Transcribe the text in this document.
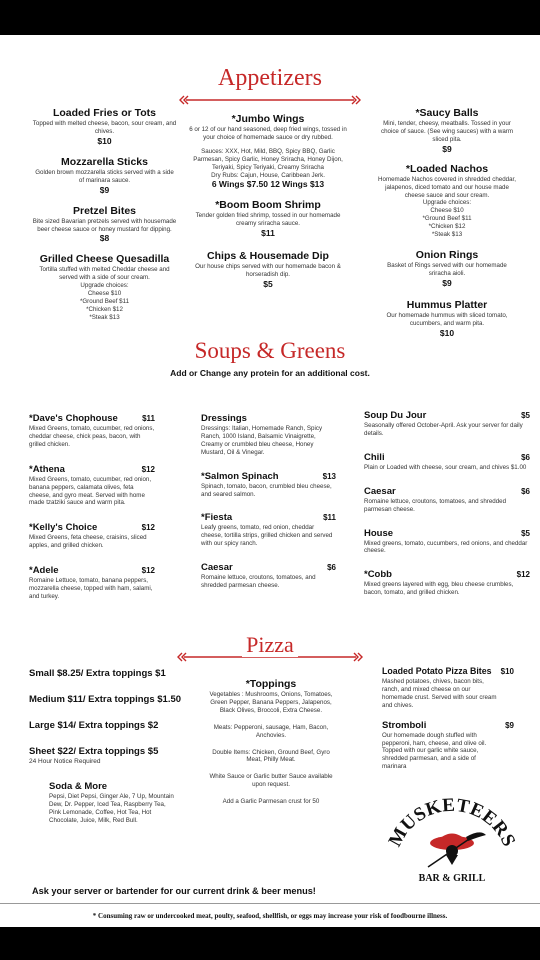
Appetizers
Loaded Fries or Tots
Topped with melted cheese, bacon, sour cream, and chives.
$10
Mozzarella Sticks
Golden brown mozzarella sticks served with a side of marinara sauce.
$9
Pretzel Bites
Bite sized Bavarian pretzels served with housemade beer cheese sauce or honey mustard for dipping.
$8
Grilled Cheese Quesadilla
Tortilla stuffed with melted Cheddar cheese and served with a side of sour cream.
Upgrade choices:
Cheese $10
*Ground Beef $11
*Chicken $12
*Steak $13
*Jumbo Wings
6 or 12 of our hand seasoned, deep fried wings, tossed in your choice of homemade sauce or dry rubbed.
Sauces: XXX, Hot, Mild, BBQ, Spicy BBQ, Garlic Parmesan, Spicy Garlic, Honey Sriracha, Honey Dijon, Teriyaki, Spicy Teriyaki, Creamy Sriracha
Dry Rubs: Cajun, House, Caribbean Jerk.
6 Wings $7.50 12 Wings $13
*Boom Boom Shrimp
Tender golden fried shrimp, tossed in our homemade creamy sriracha sauce.
$11
Chips & Housemade Dip
Our house chips served with our homemade bacon & horseradish dip.
$5
*Saucy Balls
Mini, tender, cheesy, meatballs. Tossed in your choice of sauce. (See wing sauces) with a warm sliced pita.
$9
*Loaded Nachos
Homemade Nachos covered in shredded cheddar, jalapenos, diced tomato and our house made cheese sauce and sour cream.
Upgrade choices:
Cheese $10
*Ground Beef $11
*Chicken $12
*Steak $13
Onion Rings
Basket of Rings served with our homemade sriracha aioli.
$9
Hummus Platter
Our homemade hummus with sliced tomato, cucumbers, and warm pita.
$10
Soups & Greens
Add or Change any protein for an additional cost.
*Dave's Chophouse	$11
Mixed Greens, tomato, cucumber, red onions, cheddar cheese, chick peas, bacon, with grilled chicken.
*Athena	$12
Mixed Greens, tomato, cucumber, red onion, banana peppers, calamata olives, feta cheese, and gyro meat. Served with home made tzatziki sauce and warm pita.
*Kelly's Choice	$12
Mixed Greens, feta cheese, craisins, sliced apples, and grilled chicken.
*Adele	$12
Romaine Lettuce, tomato, banana peppers, mozzarella cheese, topped with ham, salami, and turkey.
Dressings
Dressings: Italian, Homemade Ranch, Spicy Ranch, 1000 Island, Balsamic Vinaigrette, Creamy or crumbled bleu cheese, Honey Mustard, Oil & Vinegar.
*Salmon Spinach	$13
Spinach, tomato, bacon, crumbled bleu cheese, and seared salmon.
*Fiesta	$11
Leafy greens, tomato, red onion, cheddar cheese, tortilla strips, grilled chicken and served with our spicy ranch.
Caesar	$6
Romaine lettuce, croutons, tomatoes, and shredded parmesan cheese.
Soup Du Jour	$5
Seasonally offered October-April. Ask your server for daily details.
Chili	$6
Plain or Loaded with cheese, sour cream, and chives $1.00
Caesar	$6
Romaine lettuce, croutons, tomatoes, and shredded parmesan cheese.
House	$5
Mixed greens, tomato, cucumbers, red onions, and cheddar cheese.
*Cobb	$12
Mixed greens layered with egg, bleu cheese crumbles, bacon, tomato, and grilled chicken.
Pizza
Small $8.25/ Extra toppings $1
Medium $11/ Extra toppings $1.50
Large $14/ Extra toppings $2
Sheet $22/ Extra toppings $5
24 Hour Notice Required
Soda & More
Pepsi, Diet Pepsi, Ginger Ale, 7 Up, Mountain Dew, Dr. Pepper, Iced Tea, Raspberry Tea, Pink Lemonade, Coffee, Hot Tea, Hot Chocolate, Juice, Milk, Red Bull.
*Toppings
Vegetables : Mushrooms, Onions, Tomatoes, Green Pepper, Banana Peppers, Jalapenos, Black Olives, Broccoli, Extra Cheese.
Meats: Pepperoni, sausage, Ham, Bacon, Anchovies.
Double Items: Chicken, Ground Beef, Gyro Meat, Philly Meat.
White Sauce or Garlic butter Sauce available upon request.
Add a Garlic Parmesan crust for 50
Loaded Potato Pizza Bites $10
Mashed potatoes, chives, bacon bits, ranch, and mixed cheese on our homemade crust. Served with sour cream and chives.
Stromboli	$9
Our homemade dough stuffed with pepperoni, ham, cheese, and olive oil. Topped with our garlic white sauce, shredded parmesan, and a side of marinara
MUSKETEERS
BAR & GRILL
Ask your server or bartender for our current drink & beer menus!
* Consuming raw or undercooked meat, poulty, seafood, shellfish, or eggs may increase your risk of foodbourne illness.
